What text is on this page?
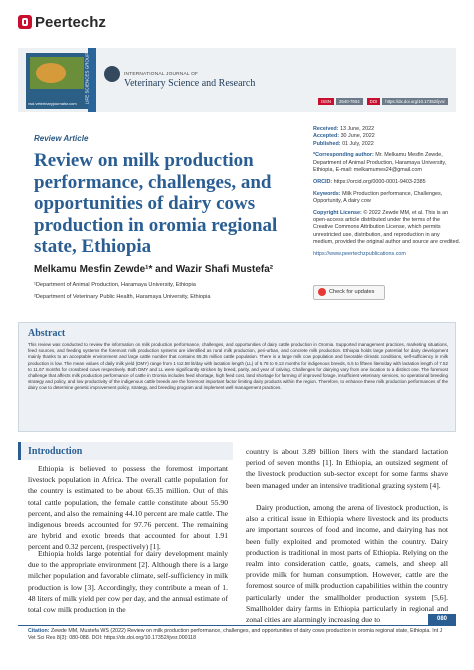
Peertechz
vsd.veterinaryjournalsr.com LIFE SCIENCES GROUP	INTERNATIONAL JOURNAL OF
Veterinary Science and Research
ISSN 2640-7604 DOI https://dx.doi.org/10.17352/ijvsr
Review Article
Review on milk production performance, challenges, and opportunities of dairy cows production in oromia regional state, Ethiopia
Melkamu Mesfin Zewde¹* and Wazir Shafi Mustefa²
¹Department of Animal Production, Haramaya University, Ethiopia
²Department of Veterinary Public Health, Haramaya University, Ethiopia

Received: 13 June, 2022
Accepted: 30 June, 2022
Published: 01 July, 2022

*Corresponding author: Mr. Melkamu Mesfin Zewde, Department of Animal Production, Haramaya University, Ethiopia, E-mail: melkamumes24@gmail.com

ORCID: https://orcid.org/0000-0001-9403-2385

Keywords: Milk Production performance, Challenges, Opportunity, A dairy cow

Copyright License: © 2022 Zewde MM, et al. This is an open-access article distributed under the terms of the Creative Commons Attribution License, which permits unrestricted use, distribution, and reproduction in any medium, provided the original author and source are credited.

https://www.peertechzpublications.com

Check for updates
Abstract
This review was conducted to review the information on milk production performance, challenges, and opportunities of dairy cattle production in Oromia. Supported management practices, marketing situations, feed sources, and feeding systems the foremost milk production systems are identified as rural milk production, peri-urban, and concrete milk production. Ethiopia holds large potential for dairy development mainly thanks to an acceptable environment and large cattle number that contains 65.35 million cattle population. There is a large milk cow population and favorable climatic conditions, self-sufficiency in milk production is low. The mean values of daily milk yield (DMY) range from 1 to2.58 lit/day with lactation length (LL) of 6.78 to 9.13 months for indigenous breeds, 6.5 to fifteen liters/day with lactation length of 7.52 to 11.67 months for crossbred cows respectively. Both DMY and LL were significantly stricken by breed, parity, and year of calving. Challenges for dairying vary from one location to a distinct one. The foremost challenge that affects milk production performance of cattle in Oromia includes feed shortage, high feed cost, land shortage for farming of improved forage, insufficient veterinary services, no operational breeding strategy and policy, and low productivity of the indigenous cattle breeds are the foremost important factor limiting dairy products within the region. Therefore, to enhance these milk production performances of the dairy cow to determine genetic improvement policy, strategy, and breeding program and implement well management practices.
Introduction
Ethiopia is believed to possess the foremost important livestock population in Africa. The overall cattle population for the country is estimated to be about 65.35 million. Out of this total cattle population, the female cattle constitute about 55.90 percent, and also the remaining 44.10 percent are male cattle. The indigenous breeds accounted for 97.76 percent. The remaining are hybrid and exotic breeds that accounted for about 1.91 percent and 0.32 percent, (respectively) [1].
Ethiopia holds large potential for dairy development mainly due to the appropriate environment [2]. Although there is a large milcher population and favorable climate, self-sufficiency in milk production is low [3]. Accordingly, they contribute a mean of 1. 48 liters of milk yield per cow per day, and the annual estimate of total cow milk production in the
country is about 3.89 billion liters with the standard lactation period of seven months [1]. In Ethiopia, an outsized segment of the livestock production sub-sector except for some farms shave been managed under an intensive traditional grazing system [4].
Dairy production, among the arena of livestock production, is also a critical issue in Ethiopia where livestock and its products are important sources of food and income, and dairying has not been fully exploited and promoted within the country. Dairy production is traditional in most parts of Ethiopia. Relying on the realm into consideration cattle, goats, camels, and sheep all provide milk for human consumption. However, cattle are the foremost source of milk production capabilities within the country particularly under the smallholder production system [5,6]. Smallholder dairy farms in Ethiopia particularly in regional and zonal cities are alarmingly increasing due to	080
Citation: Zewde MM, Mustefa WS (2022) Review on milk production performance, challenges, and opportunities of dairy cows production in oromia regional state, Ethiopia. Int J Vet Sci Res 8(3): 080-088. DOI: https://dx.doi.org/10.17352/ijvsr.000118
